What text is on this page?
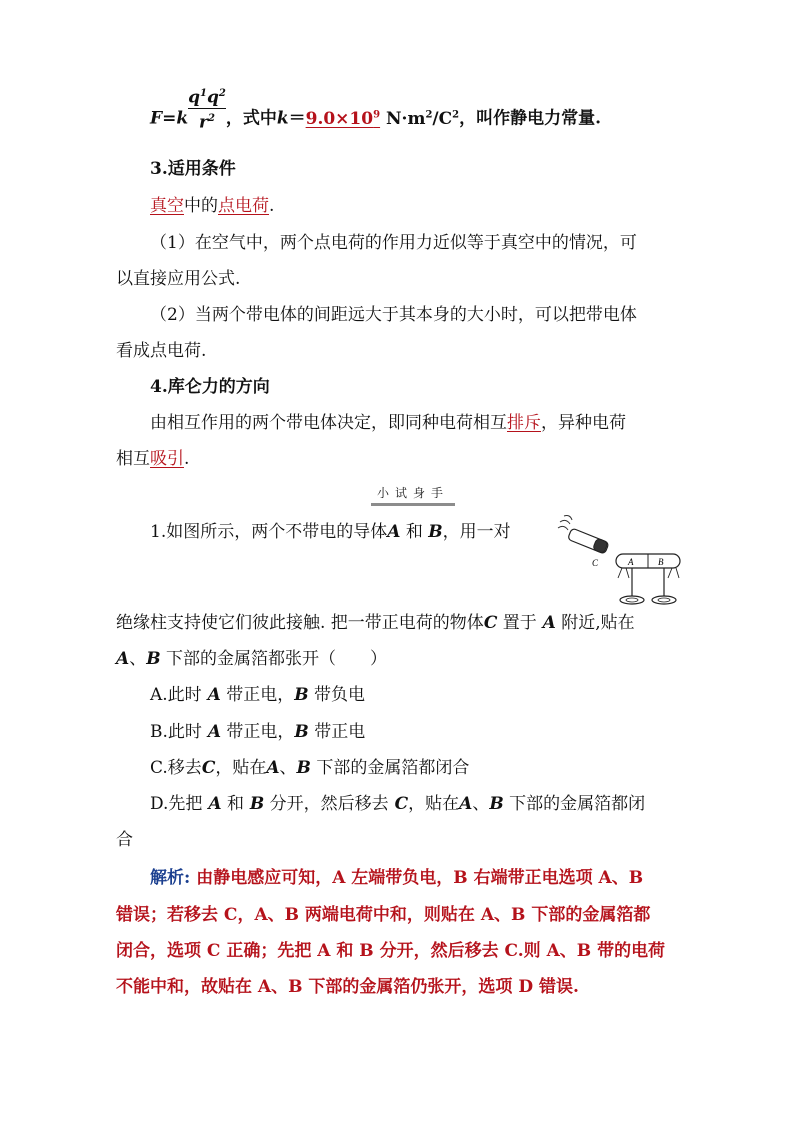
$F=k \frac{q^1q^2}{r^2}$ ，式中$k=9.0\times 10^9$ $N\cdot m^2/C^2$，叫作静电力常量.
3.适用条件
真空中的点电荷.
（1）在空气中，两个点电荷的作用力近似等于真空中的情况，可
以直接应用公式.
（2）当两个带电体的间距远大于其本身的大小时，可以把带电体
看成点电荷.
4.库仑力的方向
由相互作用的两个带电体决定，即同种电荷相互排斥，异种电荷
相互吸引.
小试身手
1.如图所示，两个不带电的导体A 和 B，用一对
C	A	B
绝缘柱支持使它们彼此接触. 把一带正电荷的物体C 置于 A 附近,贴在
A、B 下部的金属箔都张开（　　）
A.此时 A 带正电，B 带负电
B.此时 A 带正电，B 带正电
C.移去C，贴在A、B 下部的金属箔都闭合
D.先把 A 和 B 分开，然后移去 C，贴在A、B 下部的金属箔都闭
合
解析: 由静电感应可知，A 左端带负电，B 右端带正电选项 A、B
错误；若移去 C，A、B 两端电荷中和，则贴在 A、B 下部的金属箔都
闭合，选项 C 正确；先把 A 和 B 分开，然后移去 C.则 A、B 带的电荷
不能中和，故贴在 A、B 下部的金属箔仍张开，选项 D 错误.
